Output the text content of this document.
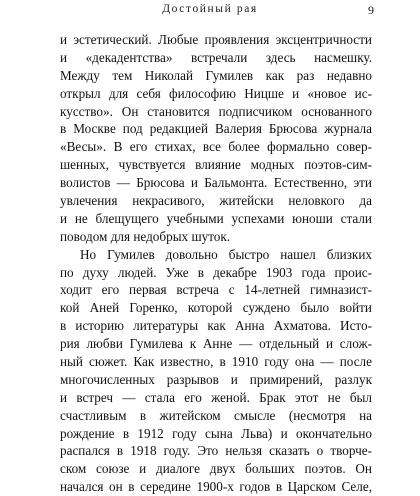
Достойный рая	9
и эстетический. Любые проявления эксцентричности
и «декадентства» встречали здесь насмешку.
Между тем Николай Гумилев как раз недавно
открыл для себя философию Ницше и «новое ис-
кусство». Он становится подписчиком основанного
в Москве под редакцией Валерия Брюсова журнала
«Весы». В его стихах, все более формально совер-
шенных, чувствуется влияние модных поэтов-сим-
волистов — Брюсова и Бальмонта. Естественно, эти
увлечения некрасивого, житейски неловкого да
и не блещущего учебными успехами юноши стали
поводом для недобрых шуток.
Но Гумилев довольно быстро нашел близких
по духу людей. Уже в декабре 1903 года проис-
ходит его первая встреча с 14-летней гимназист-
кой Аней Горенко, которой суждено было войти
в историю литературы как Анна Ахматова. Исто-
рия любви Гумилева к Анне — отдельный и слож-
ный сюжет. Как известно, в 1910 году она — после
многочисленных разрывов и примирений, разлук
и встреч — стала его женой. Брак этот не был
счастливым в житейском смысле (несмотря на
рождение в 1912 году сына Льва) и окончательно
распался в 1918 году. Это нельзя сказать о творче-
ском союзе и диалоге двух больших поэтов. Он
начался он в середине 1900-х годов в Царском Селе,
